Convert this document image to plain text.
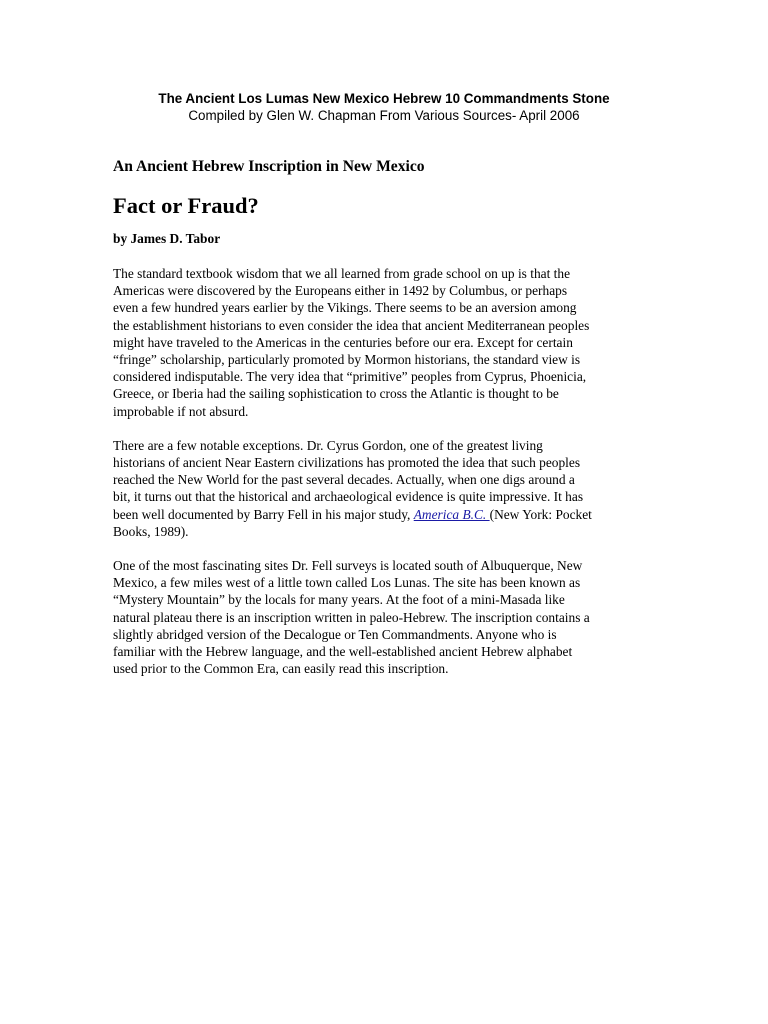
The Ancient Los Lumas New Mexico Hebrew 10 Commandments Stone
Compiled by Glen W. Chapman From Various Sources- April 2006
An Ancient Hebrew Inscription in New Mexico
Fact or Fraud?

by James D. Tabor

The standard textbook wisdom that we all learned from grade school on up is that the
Americas were discovered by the Europeans either in 1492 by Columbus, or perhaps
even a few hundred years earlier by the Vikings. There seems to be an aversion among
the establishment historians to even consider the idea that ancient Mediterranean peoples
might have traveled to the Americas in the centuries before our era. Except for certain
“fringe” scholarship, particularly promoted by Mormon historians, the standard view is
considered indisputable. The very idea that “primitive” peoples from Cyprus, Phoenicia,
Greece, or Iberia had the sailing sophistication to cross the Atlantic is thought to be
improbable if not absurd.

There are a few notable exceptions. Dr. Cyrus Gordon, one of the greatest living
historians of ancient Near Eastern civilizations has promoted the idea that such peoples
reached the New World for the past several decades. Actually, when one digs around a
bit, it turns out that the historical and archaeological evidence is quite impressive. It has
been well documented by Barry Fell in his major study, America B.C. (New York: Pocket
Books, 1989).

One of the most fascinating sites Dr. Fell surveys is located south of Albuquerque, New
Mexico, a few miles west of a little town called Los Lunas. The site has been known as
“Mystery Mountain” by the locals for many years. At the foot of a mini-Masada like
natural plateau there is an inscription written in paleo-Hebrew. The inscription contains a
slightly abridged version of the Decalogue or Ten Commandments. Anyone who is
familiar with the Hebrew language, and the well-established ancient Hebrew alphabet
used prior to the Common Era, can easily read this inscription.
